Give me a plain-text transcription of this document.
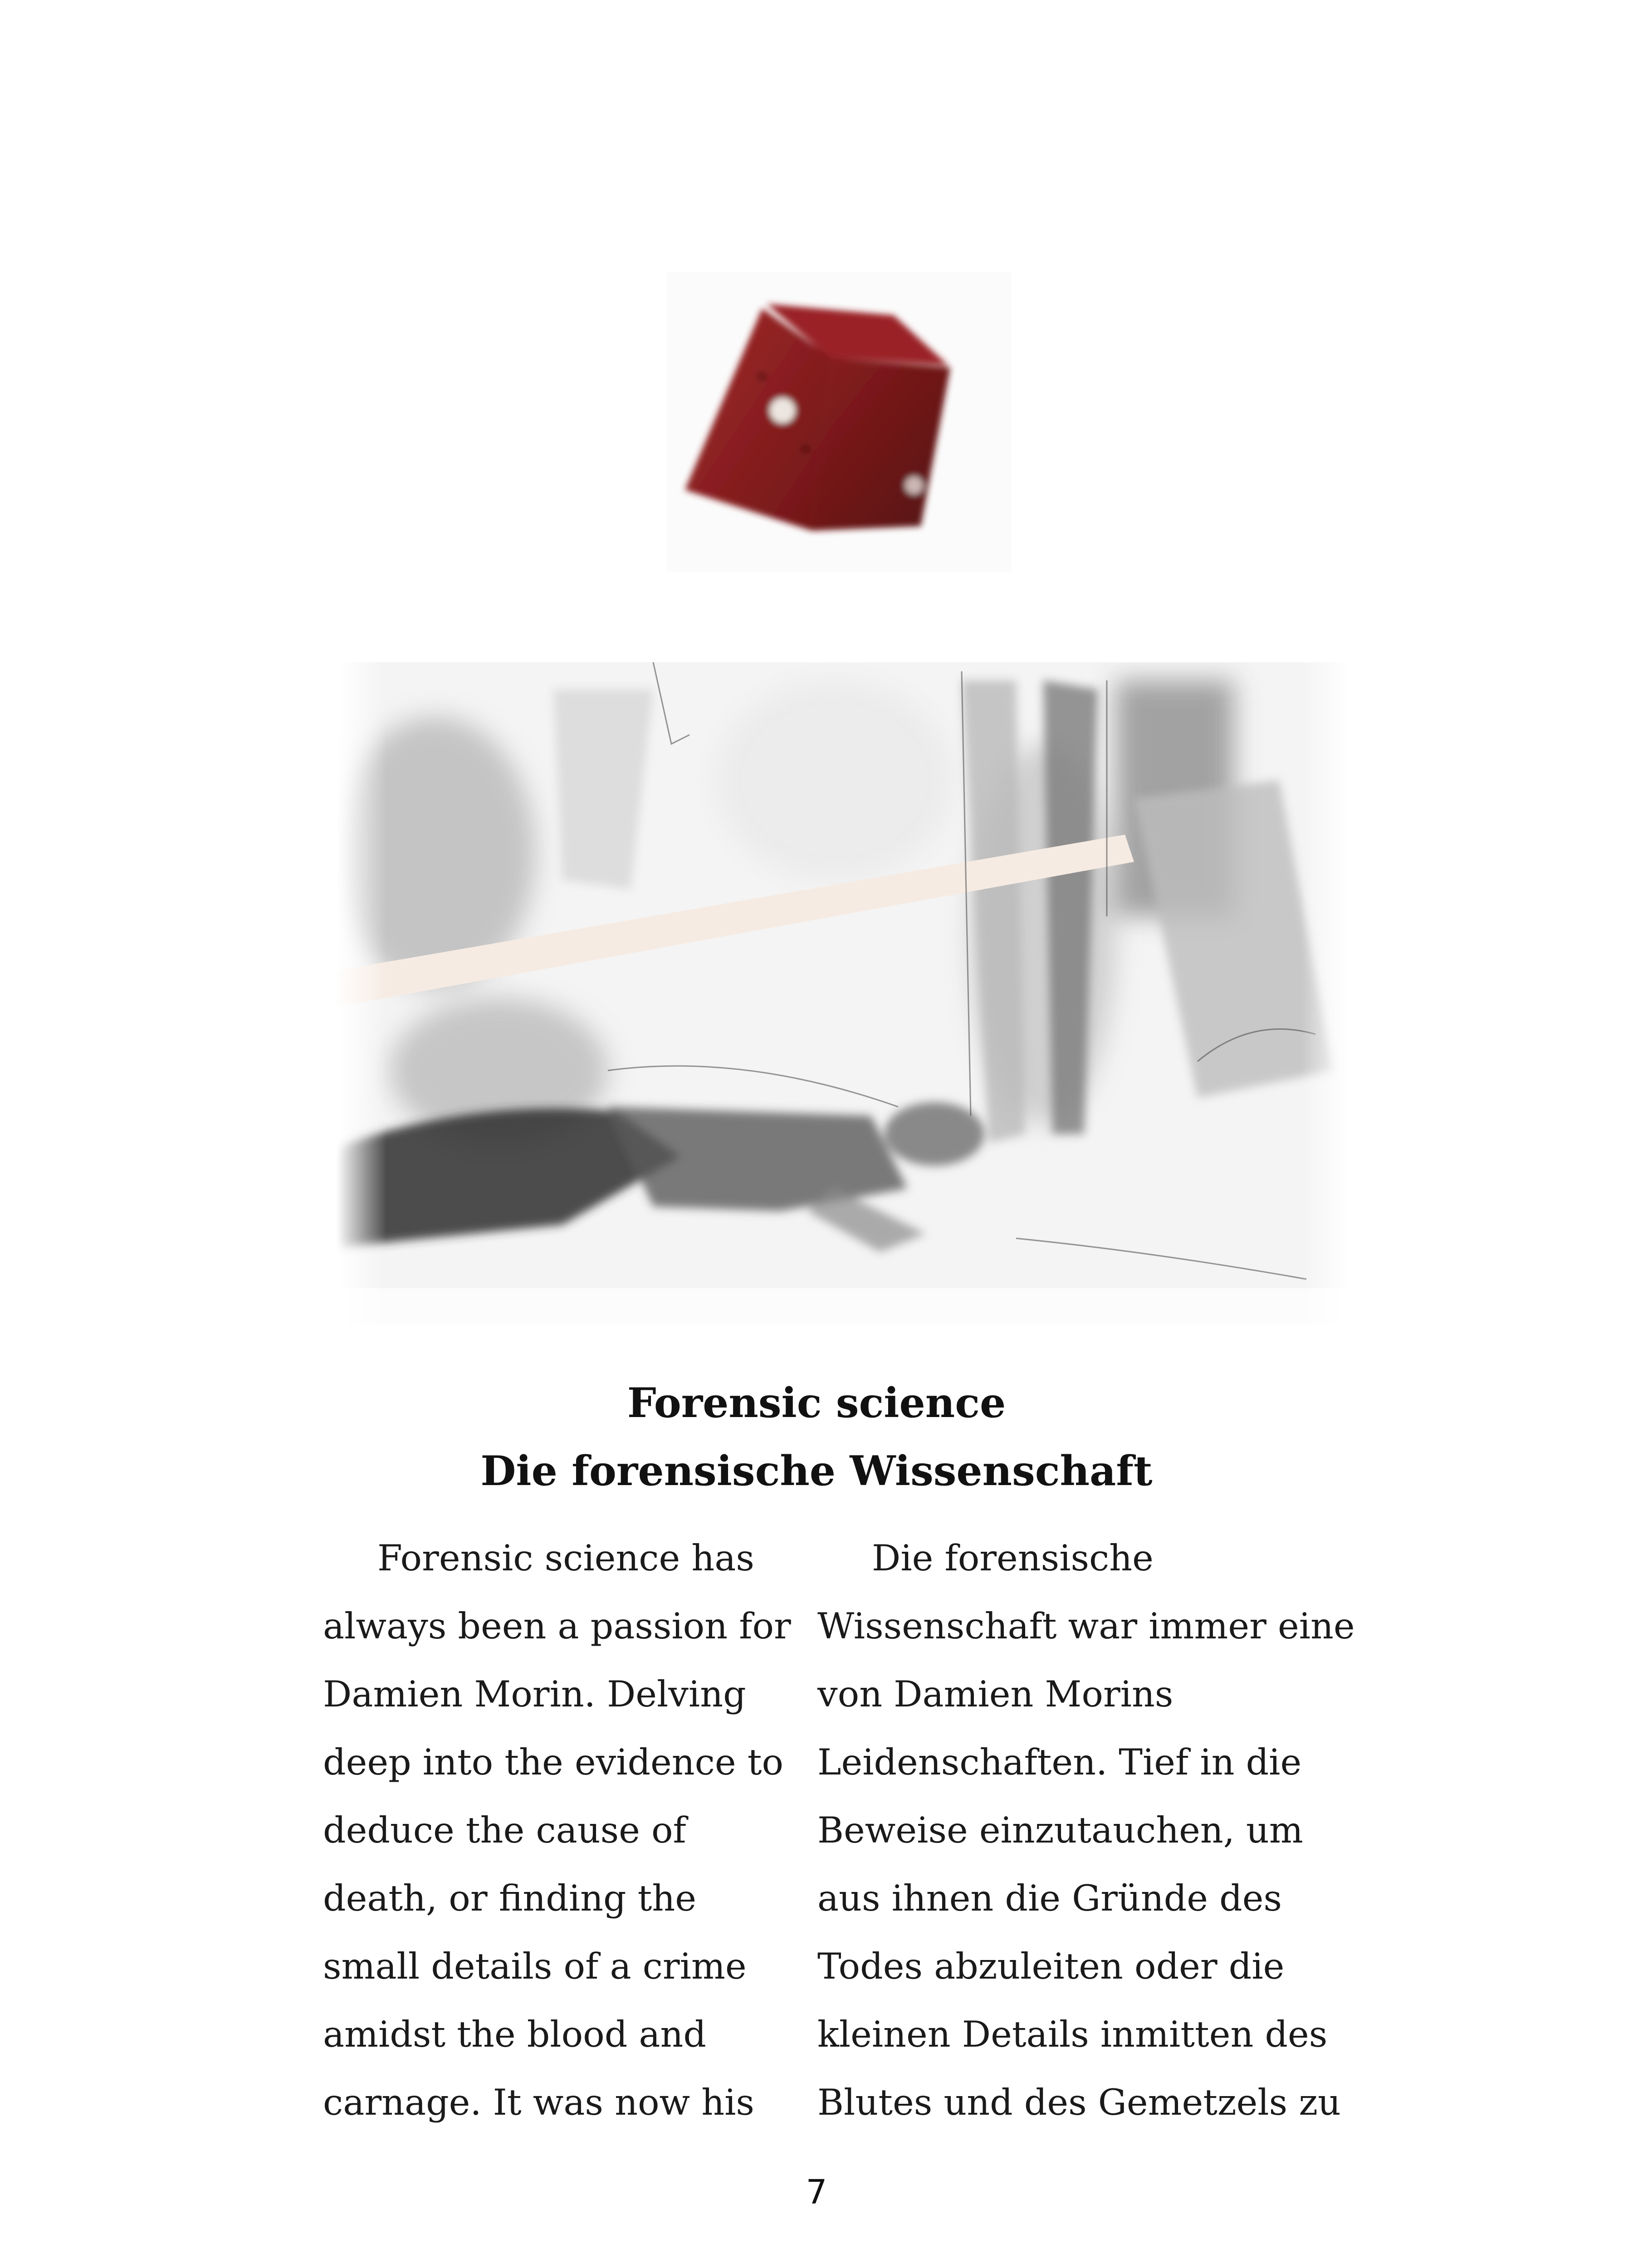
Forensic science
Die forensische Wissenschaft
Forensic science has
always been a passion for
Damien Morin. Delving
deep into the evidence to
deduce the cause of
death, or finding the
small details of a crime
amidst the blood and
carnage. It was now his
Die forensische
Wissenschaft war immer eine
von Damien Morins
Leidenschaften. Tief in die
Beweise einzutauchen, um
aus ihnen die Gründe des
Todes abzuleiten oder die
kleinen Details inmitten des
Blutes und des Gemetzels zu
7
